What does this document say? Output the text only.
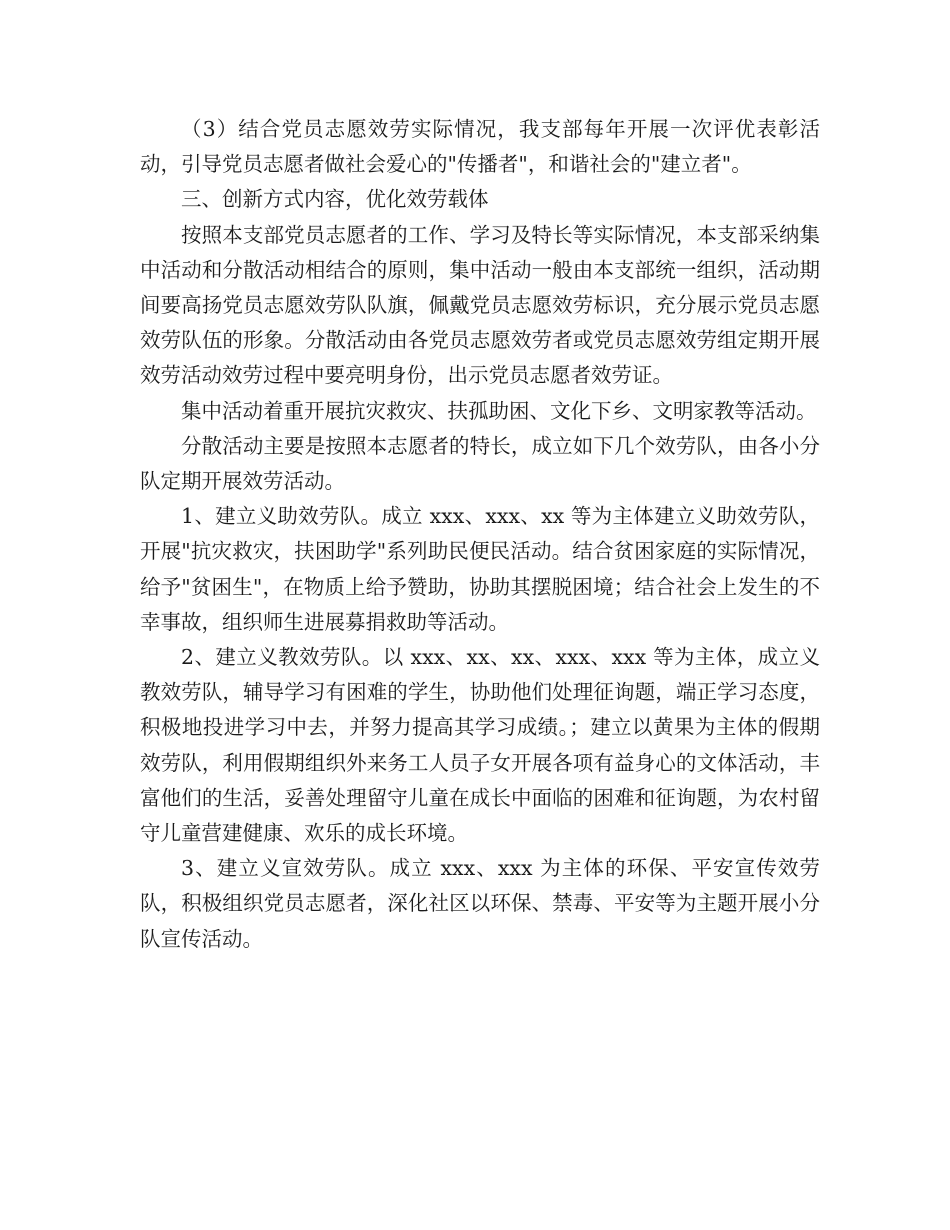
（3）结合党员志愿效劳实际情况，我支部每年开展一次评优表彰活动，引导党员志愿者做社会爱心的"传播者"，和谐社会的"建立者"。

三、创新方式内容，优化效劳载体

按照本支部党员志愿者的工作、学习及特长等实际情况，本支部采纳集中活动和分散活动相结合的原则，集中活动一般由本支部统一组织，活动期间要高扬党员志愿效劳队队旗，佩戴党员志愿效劳标识，充分展示党员志愿效劳队伍的形象。分散活动由各党员志愿效劳者或党员志愿效劳组定期开展效劳活动效劳过程中要亮明身份，出示党员志愿者效劳证。

集中活动着重开展抗灾救灾、扶孤助困、文化下乡、文明家教等活动。

分散活动主要是按照本志愿者的特长，成立如下几个效劳队，由各小分队定期开展效劳活动。

1、建立义助效劳队。成立 xxx、xxx、xx 等为主体建立义助效劳队，开展"抗灾救灾，扶困助学"系列助民便民活动。结合贫困家庭的实际情况，给予"贫困生"，在物质上给予赞助，协助其摆脱困境；结合社会上发生的不幸事故，组织师生进展募捐救助等活动。

2、建立义教效劳队。以 xxx、xx、xx、xxx、xxx 等为主体，成立义教效劳队，辅导学习有困难的学生，协助他们处理征询题，端正学习态度，积极地投进学习中去，并努力提高其学习成绩。；建立以黄果为主体的假期效劳队，利用假期组织外来务工人员子女开展各项有益身心的文体活动，丰富他们的生活，妥善处理留守儿童在成长中面临的困难和征询题，为农村留守儿童营建健康、欢乐的成长环境。

3、建立义宣效劳队。成立 xxx、xxx 为主体的环保、平安宣传效劳队，积极组织党员志愿者，深化社区以环保、禁毒、平安等为主题开展小分队宣传活动。
